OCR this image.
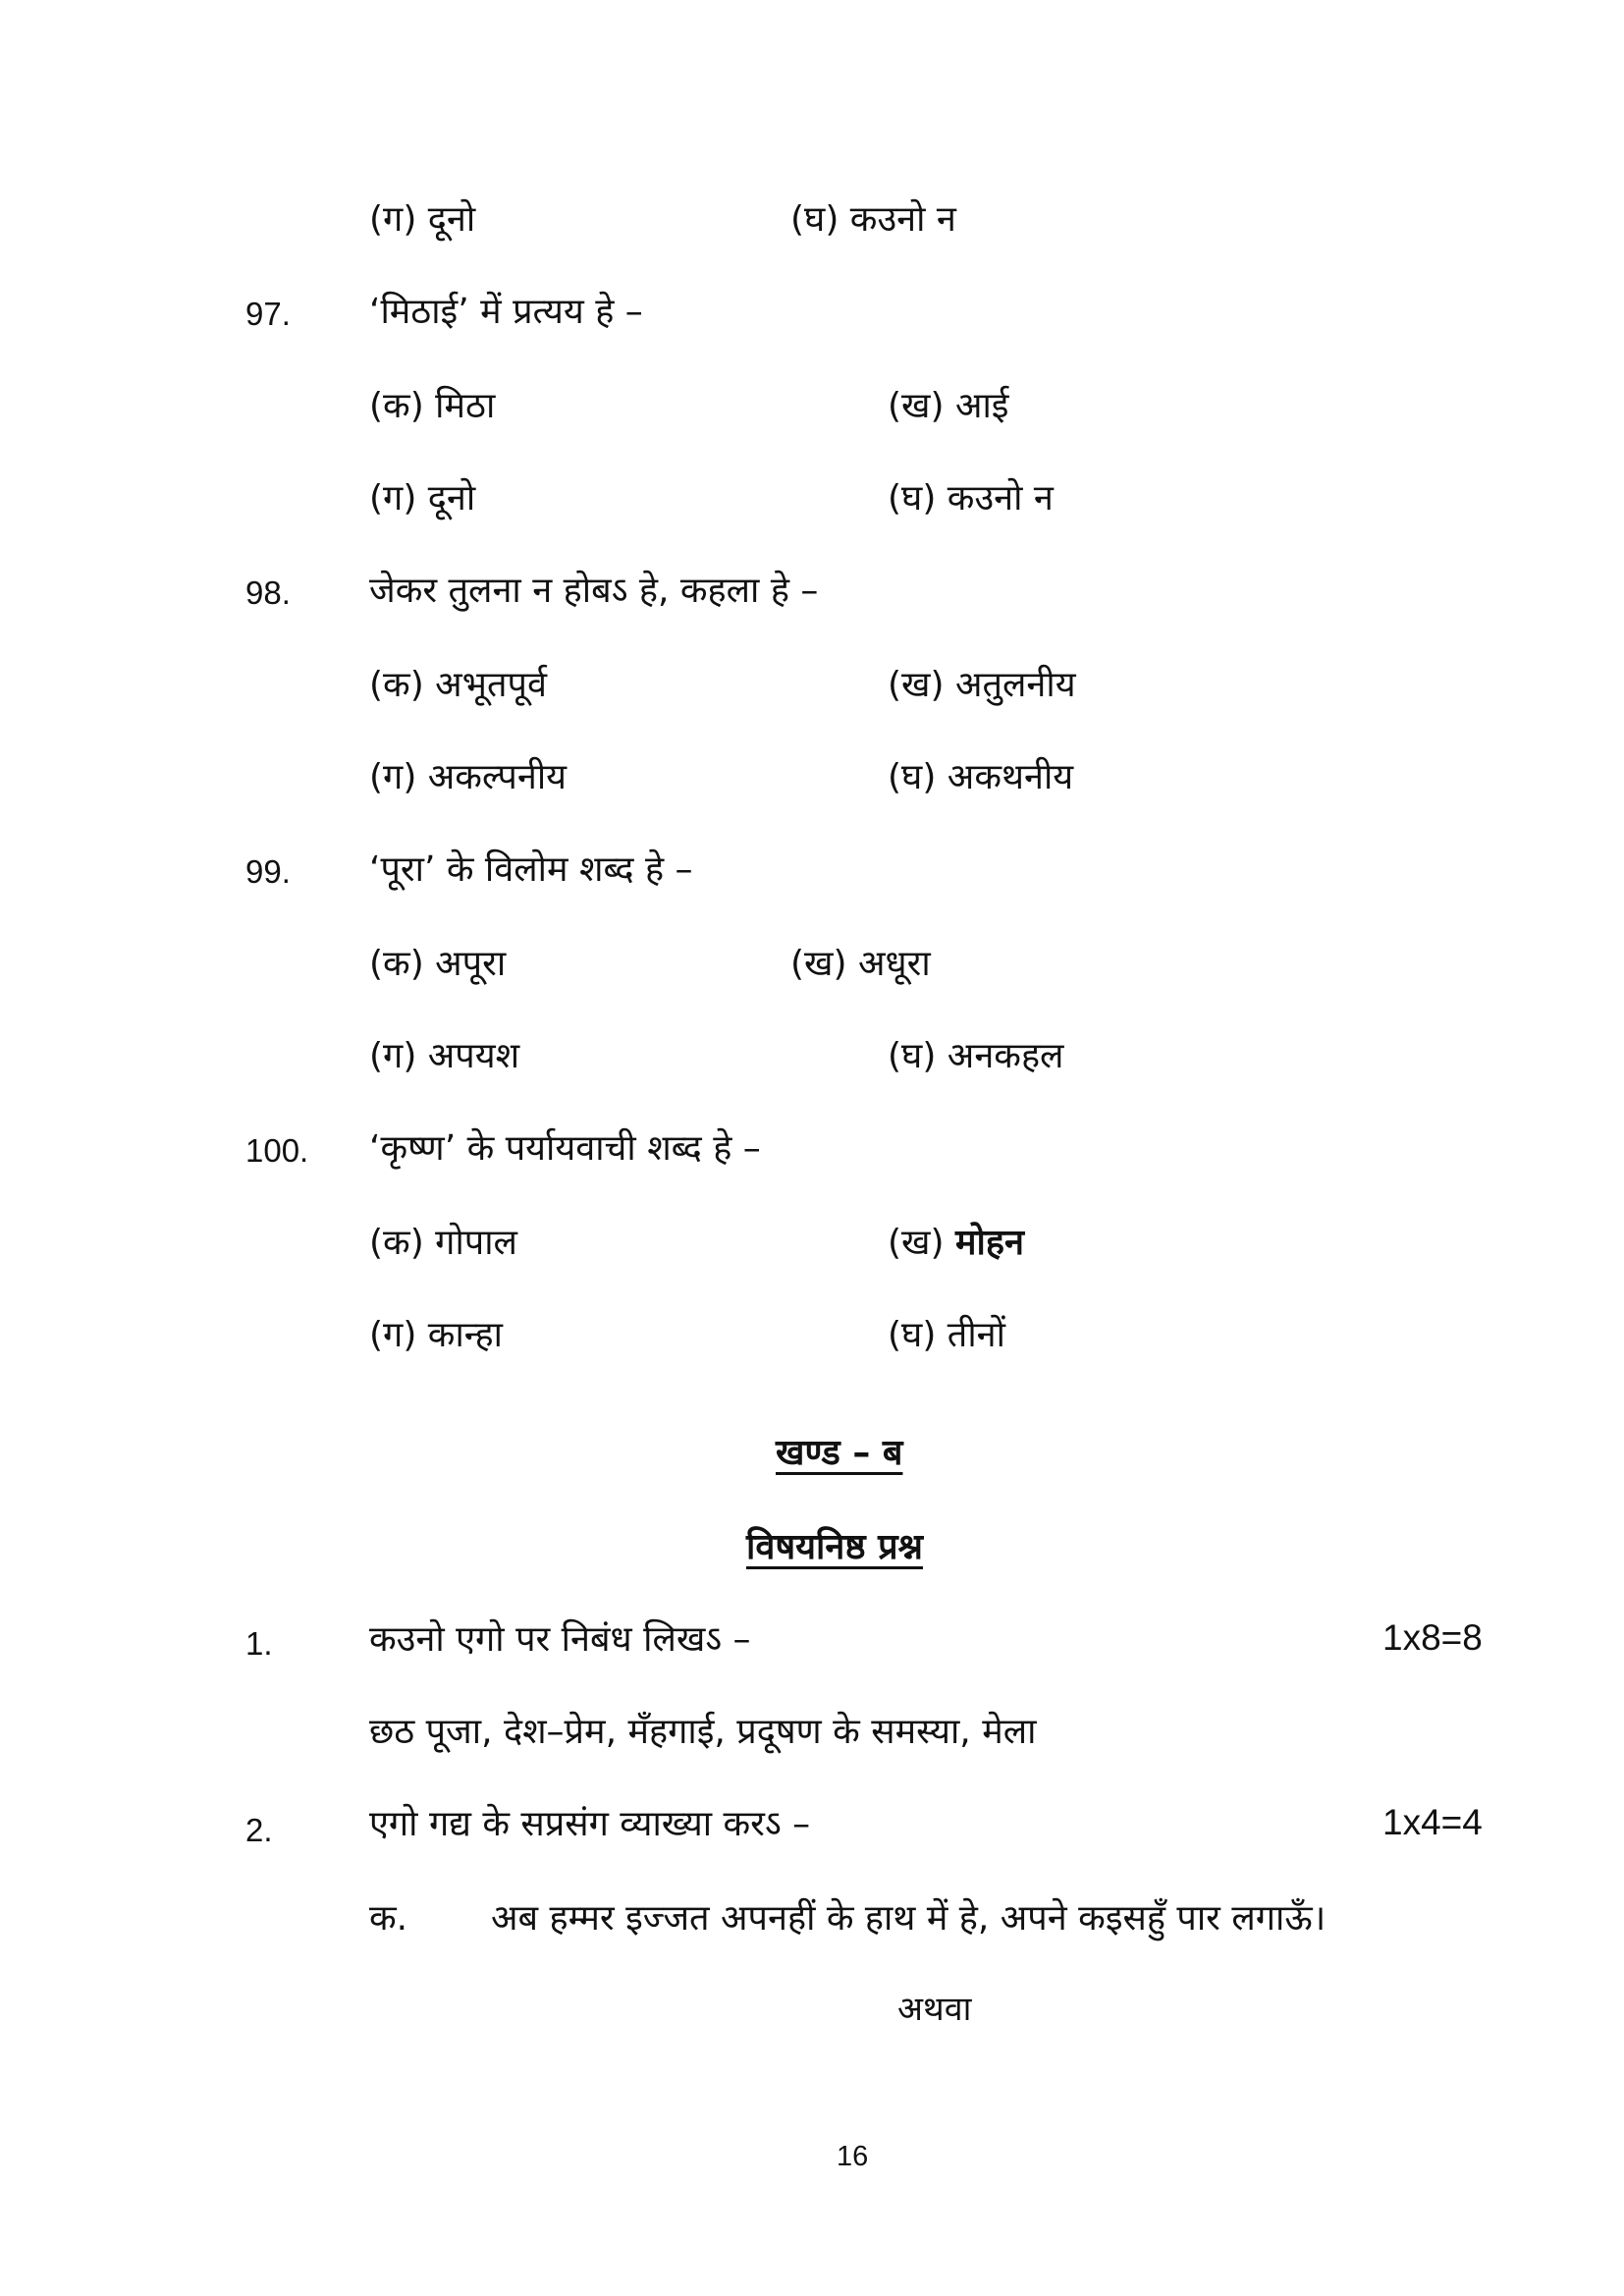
(ग) दूनो	(घ) कउनो न
97. ‘मिठाई’ में प्रत्यय हे –
(क) मिठा	(ख) आई
(ग) दूनो	(घ) कउनो न
98. जेकर तुलना न होबऽ हे, कहला हे –
(क) अभूतपूर्व	(ख) अतुलनीय
(ग) अकल्पनीय	(घ) अकथनीय
99. ‘पूरा’ के विलोम शब्द हे –
(क) अपूरा	(ख) अधूरा
(ग) अपयश	(घ) अनकहल
100. ‘कृष्ण’ के पर्यायवाची शब्द हे –
(क) गोपाल	(ख) मोहन
(ग) कान्हा	(घ) तीनों
खण्ड – ब
विषयनिष्ठ प्रश्न
1.	कउनो एगो पर निबंध लिखऽ –	1x8=8
छठ पूजा, देश–प्रेम, मँहगाई, प्रदूषण के समस्या, मेला
2.	एगो गद्य के सप्रसंग व्याख्या करऽ –	1x4=4
क. अब हम्मर इज्जत अपनहीं के हाथ में हे, अपने कइसहुँ पार लगाऊँ।
अथवा
16
